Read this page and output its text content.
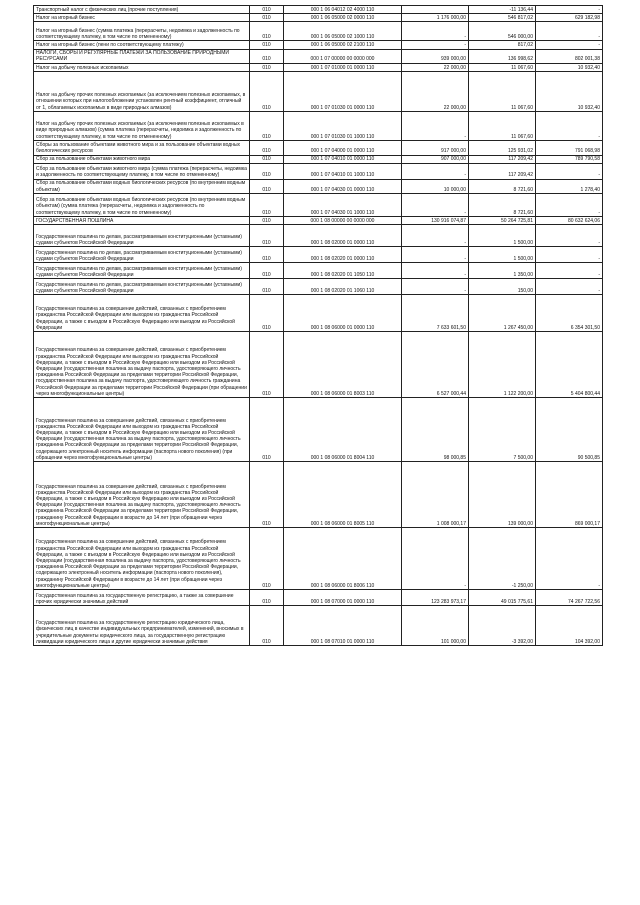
Транспортный налог с физических лиц (прочие поступления)	010	000 1 06 04012 02 4000 110		-11 136,44	-
Налог на игорный бизнес	010	000 1 06 05000 02 0000 110	1 176 000,00	546 817,02	629 182,98
Налог на игорный бизнес (сумма платежа (перерасчеты, недоимка и задолженность по соответствующему платежу, в том числе по отмененному)	010	000 1 06 05000 02 1000 110	-	546 000,00	-
Налог на игорный бизнес (пени по соответствующему платежу)	010	000 1 06 05000 02 2100 110	-	817,02	-
НАЛОГИ, СБОРЫ И РЕГУЛЯРНЫЕ ПЛАТЕЖИ ЗА ПОЛЬЗОВАНИЕ ПРИРОДНЫМИ РЕСУРСАМИ	010	000 1 07 00000 00 0000 000	939 000,00	136 998,62	802 001,38
Налог на добычу полезных ископаемых	010	000 1 07 01000 01 0000 110	22 000,00	11 067,60	10 932,40
Налог на добычу прочих полезных ископаемых (за исключением полезных ископаемых, в отношении которых при налогообложении установлен рентный коэффициент, отличный от 1, облагаемых ископаемых в виде природных алмазов)	010	000 1 07 01030 01 0000 110	22 000,00	11 067,60	10 932,40
Налог на добычу прочих полезных ископаемых (за исключением полезных ископаемых в виде природных алмазов) (сумма платежа (перерасчеты, недоимка и задолженность по соответствующему платежу, в том числе по отмененному)	010	000 1 07 01030 01 1000 110	-	11 067,60	-
Сборы за пользование объектами животного мира и за пользование объектами водных биологических ресурсов	010	000 1 07 04000 01 0000 110	917 000,00	125 931,02	791 068,98
Сбор за пользование объектами животного мира	010	000 1 07 04010 01 0000 110	907 000,00	117 209,42	789 790,58
Сбор за пользование объектами животного мира (сумма платежа (перерасчеты, недоимка и задолженность по соответствующему платежу, в том числе по отмененному)	010	000 1 07 04010 01 1000 110	-	117 209,42	-
Сбор за пользование объектами водных биологических ресурсов (по внутренним водным объектам)	010	000 1 07 04030 01 0000 110	10 000,00	8 721,60	1 278,40
Сбор за пользование объектами водных биологических ресурсов (по внутренним водным объектам) (сумма платежа (перерасчеты, недоимка и задолженность по соответствующему платежу, в том числе по отмененному)	010	000 1 07 04030 01 1000 110	-	8 721,60	-
ГОСУДАРСТВЕННАЯ ПОШЛИНА	010	000 1 08 00000 00 0000 000	130 916 074,87	50 264 725,81	80 632 624,06
Государственная пошлина по делам, рассматриваемым конституционными (уставными) судами субъектов Российской Федерации	010	000 1 08 02000 01 0000 110	-	1 500,00	-
Государственная пошлина по делам, рассматриваемым конституционными (уставными) судами субъектов Российской Федерации	010	000 1 08 02020 01 0000 110	-	1 500,00	-
Государственная пошлина по делам, рассматриваемым конституционными (уставными) судами субъектов Российской Федерации	010	000 1 08 02020 01 1050 110	-	1 350,00	-
Государственная пошлина по делам, рассматриваемым конституционными (уставными) судами субъектов Российской Федерации	010	000 1 08 02020 01 1060 110	-	150,00	-
Государственная пошлина за совершение действий, связанных с приобретением гражданства Российской Федерации или выходом из гражданства Российской Федерации, а также с въездом в Российскую Федерацию или выездом из Российской Федерации	010	000 1 08 06000 01 0000 110	7 633 601,50	1 267 450,00	6 354 301,50
Государственная пошлина за совершение действий, связанных с приобретением гражданства Российской Федерации или выходом из гражданства Российской Федерации, а также с въездом в Российскую Федерацию или выездом из Российской Федерации (государственная пошлина за выдачу паспорта, удостоверяющего личность гражданина Российской Федерации за пределами территории Российской Федерации, государственная пошлина за выдачу паспорта, удостоверяющего личность гражданина Российской Федерации за пределами территории Российской Федерации (при обращении через многофункциональные центры)	010	000 1 08 06000 01 8003 110	6 527 000,44	1 122 200,00	5 404 800,44
Государственная пошлина за совершение действий, связанных с приобретением гражданства Российской Федерации или выходом из гражданства Российской Федерации, а также с въездом в Российскую Федерацию или выездом из Российской Федерации (государственная пошлина за выдачу паспорта, удостоверяющего личность гражданина Российской Федерации за пределами территории Российской Федерации, содержащего электронный носитель информации (паспорта нового поколения) (при обращении через многофункциональные центры)	010	000 1 08 06000 01 8004 110	98 000,85	7 500,00	90 500,85
Государственная пошлина за совершение действий, связанных с приобретением гражданства Российской Федерации или выходом из гражданства Российской Федерации, а также с въездом в Российскую Федерацию или выездом из Российской Федерации (государственная пошлина за выдачу паспорта, удостоверяющего личность гражданина Российской Федерации за пределами территории Российской Федерации, гражданину Российской Федерации в возрасте до 14 лет (при обращении через многофункциональные центры)	010	000 1 08 06000 01 8005 110	1 008 000,17	139 000,00	869 000,17
Государственная пошлина за совершение действий, связанных с приобретением гражданства Российской Федерации или выходом из гражданства Российской Федерации, а также с въездом в Российскую Федерацию или выездом из Российской Федерации (государственная пошлина за выдачу паспорта, удостоверяющего личность гражданина Российской Федерации за пределами территории Российской Федерации, содержащего электронный носитель информации (паспорта нового поколения), гражданину Российской Федерации в возрасте до 14 лет (при обращении через многофункциональные центры)	010	000 1 08 06000 01 8006 110	-	-1 250,00	-
Государственная пошлина за государственную регистрацию, а также за совершение прочих юридически значимых действий	010	000 1 08 07000 01 0000 110	123 283 973,17	49 015 775,61	74 267 722,56
Государственная пошлина за государственную регистрацию юридического лица, физических лиц в качестве индивидуальных предпринимателей, изменений, вносимых в учредительные документы юридического лица, за государственную регистрацию ликвидации юридического лица и другие юридически значимые действия	010	000 1 08 07010 01 0000 110	101 000,00	-3 392,00	104 392,00
